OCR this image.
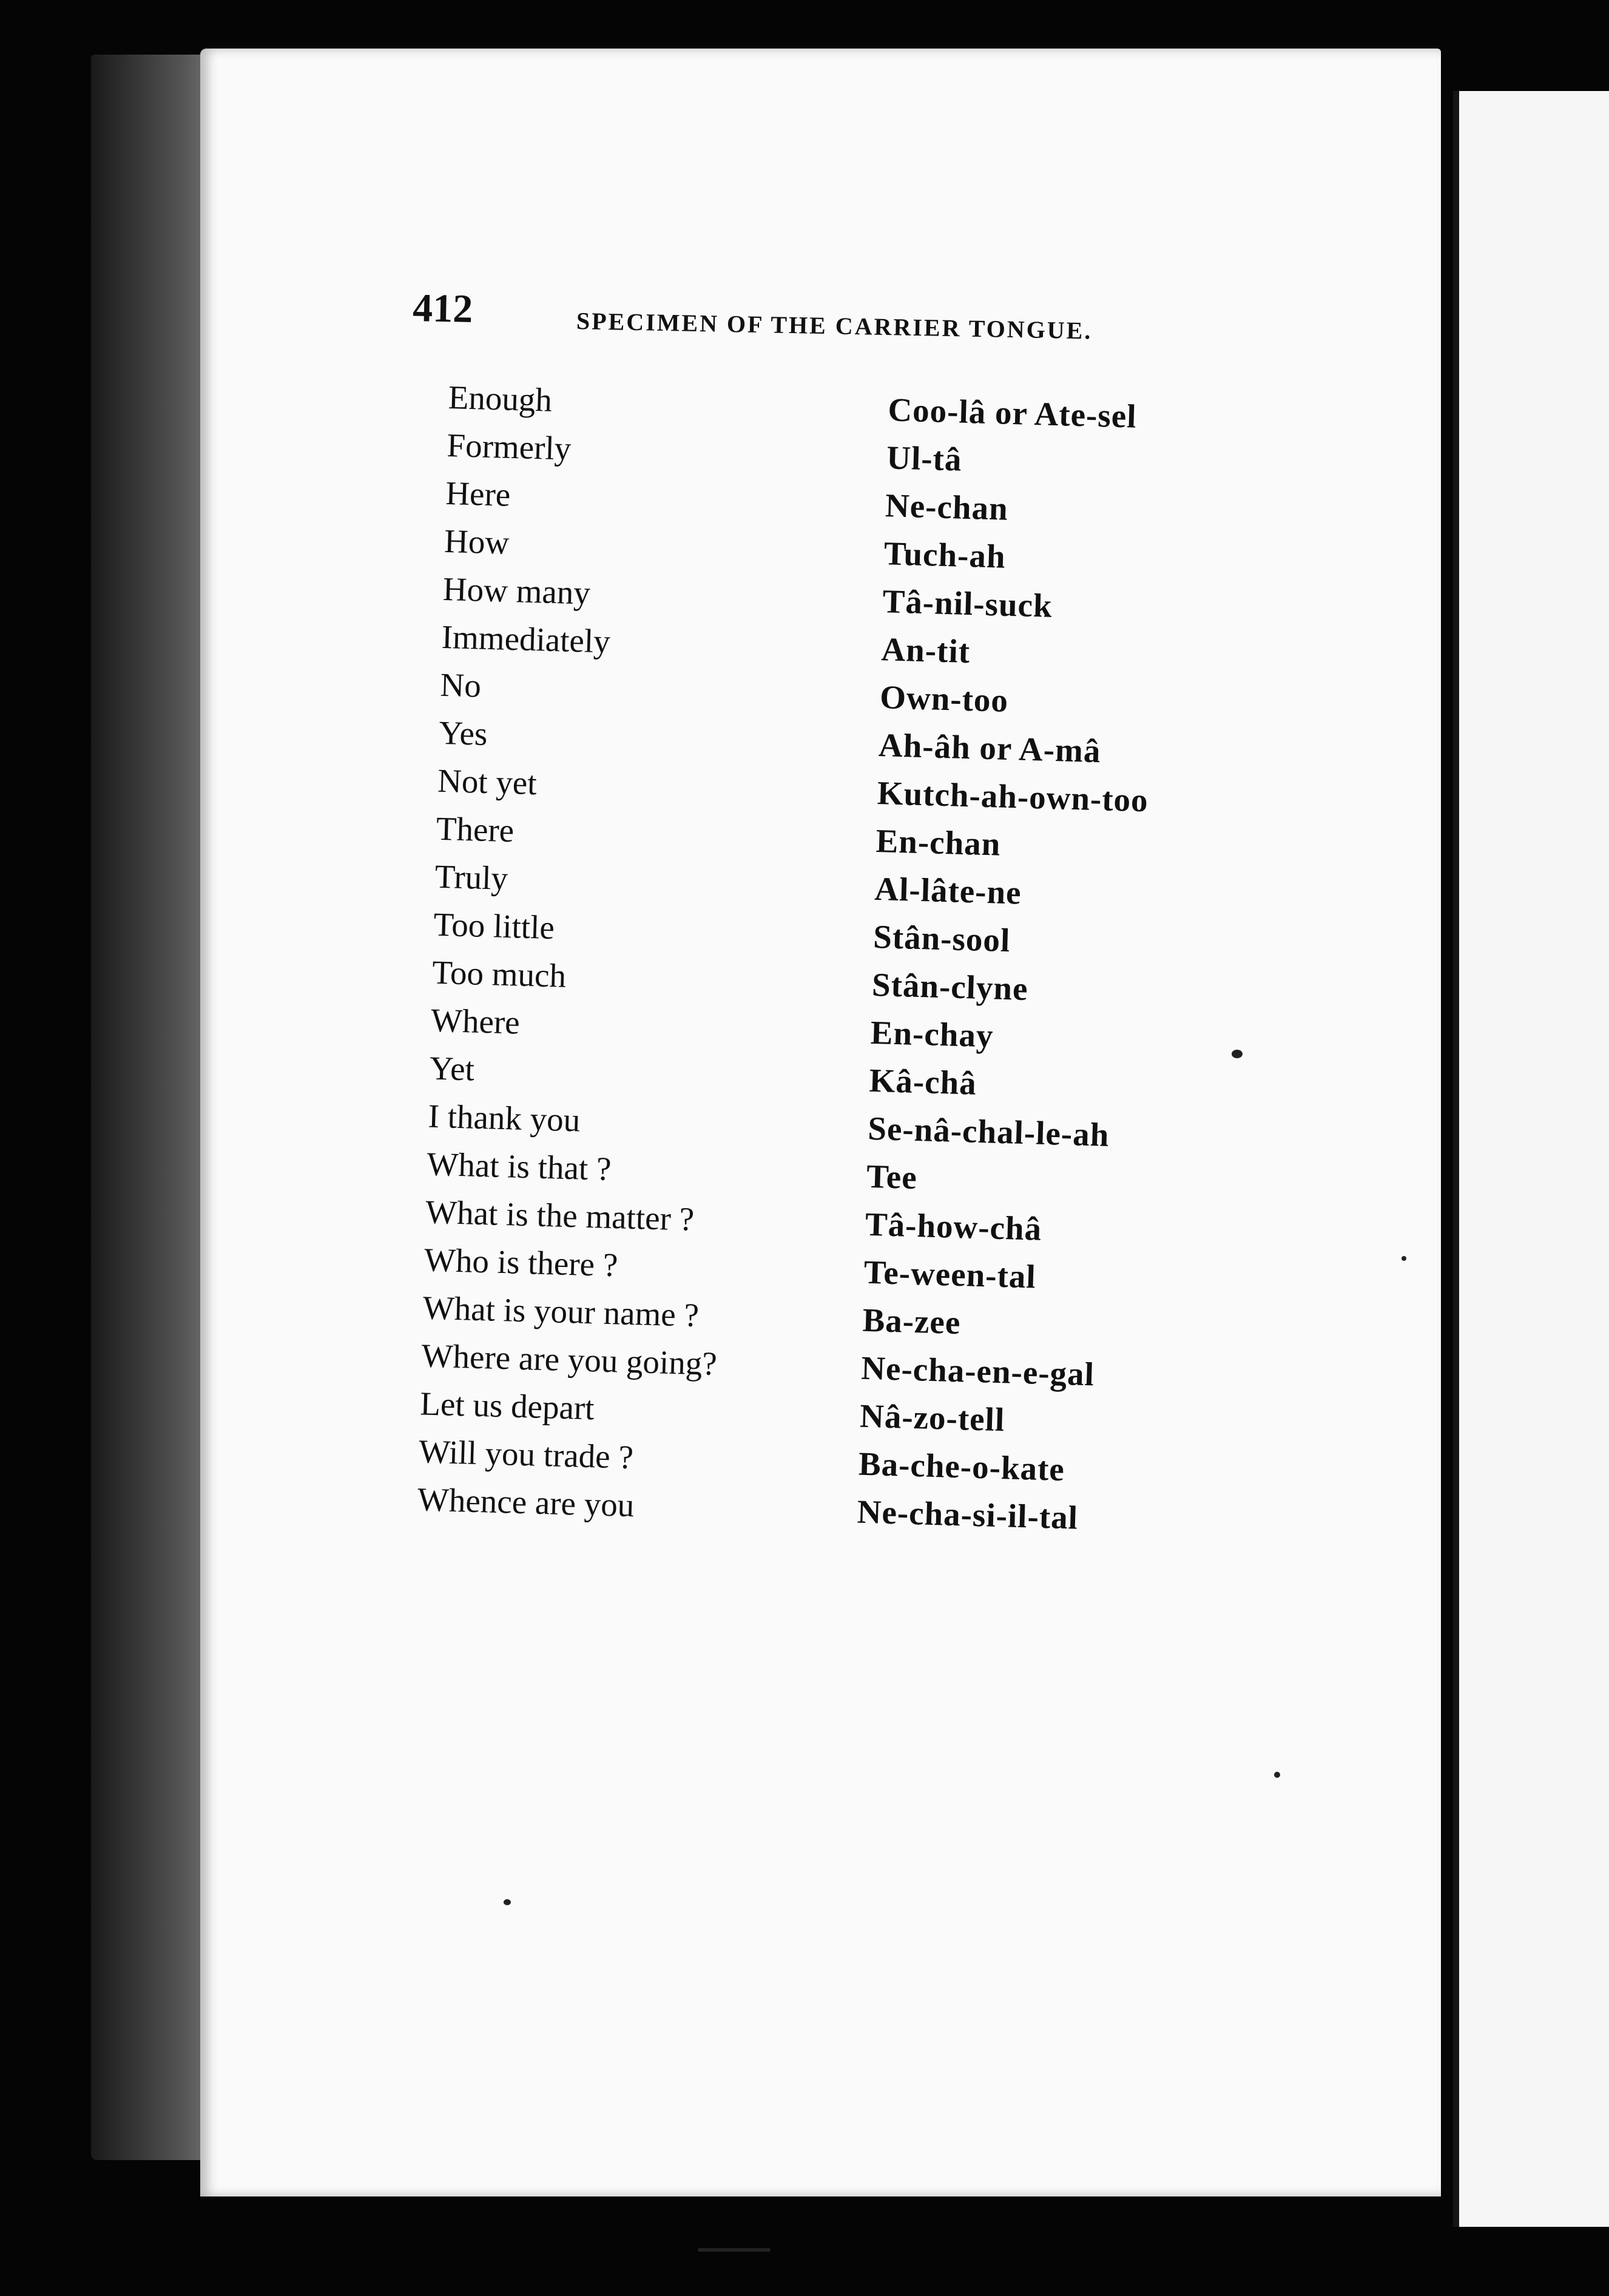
412	SPECIMEN OF THE CARRIER TONGUE.
Enough	Coo-lâ or Ate-sel
Formerly	Ul-tâ
Here	Ne-chan
How	Tuch-ah
How many	Tâ-nil-suck
Immediately	An-tit
No	Own-too
Yes	Ah-âh or A-mâ
Not yet	Kutch-ah-own-too
There	En-chan
Truly	Al-lâte-ne
Too little	Stân-sool
Too much	Stân-clyne
Where	En-chay
Yet	Kâ-châ
I thank you	Se-nâ-chal-le-ah
What is that ?	Tee
What is the matter ?	Tâ-how-châ
Who is there ?	Te-ween-tal
What is your name ?	Ba-zee
Where are you going?	Ne-cha-en-e-gal
Let us depart	Nâ-zo-tell
Will you trade ?	Ba-che-o-kate
Whence are you	Ne-cha-si-il-tal
